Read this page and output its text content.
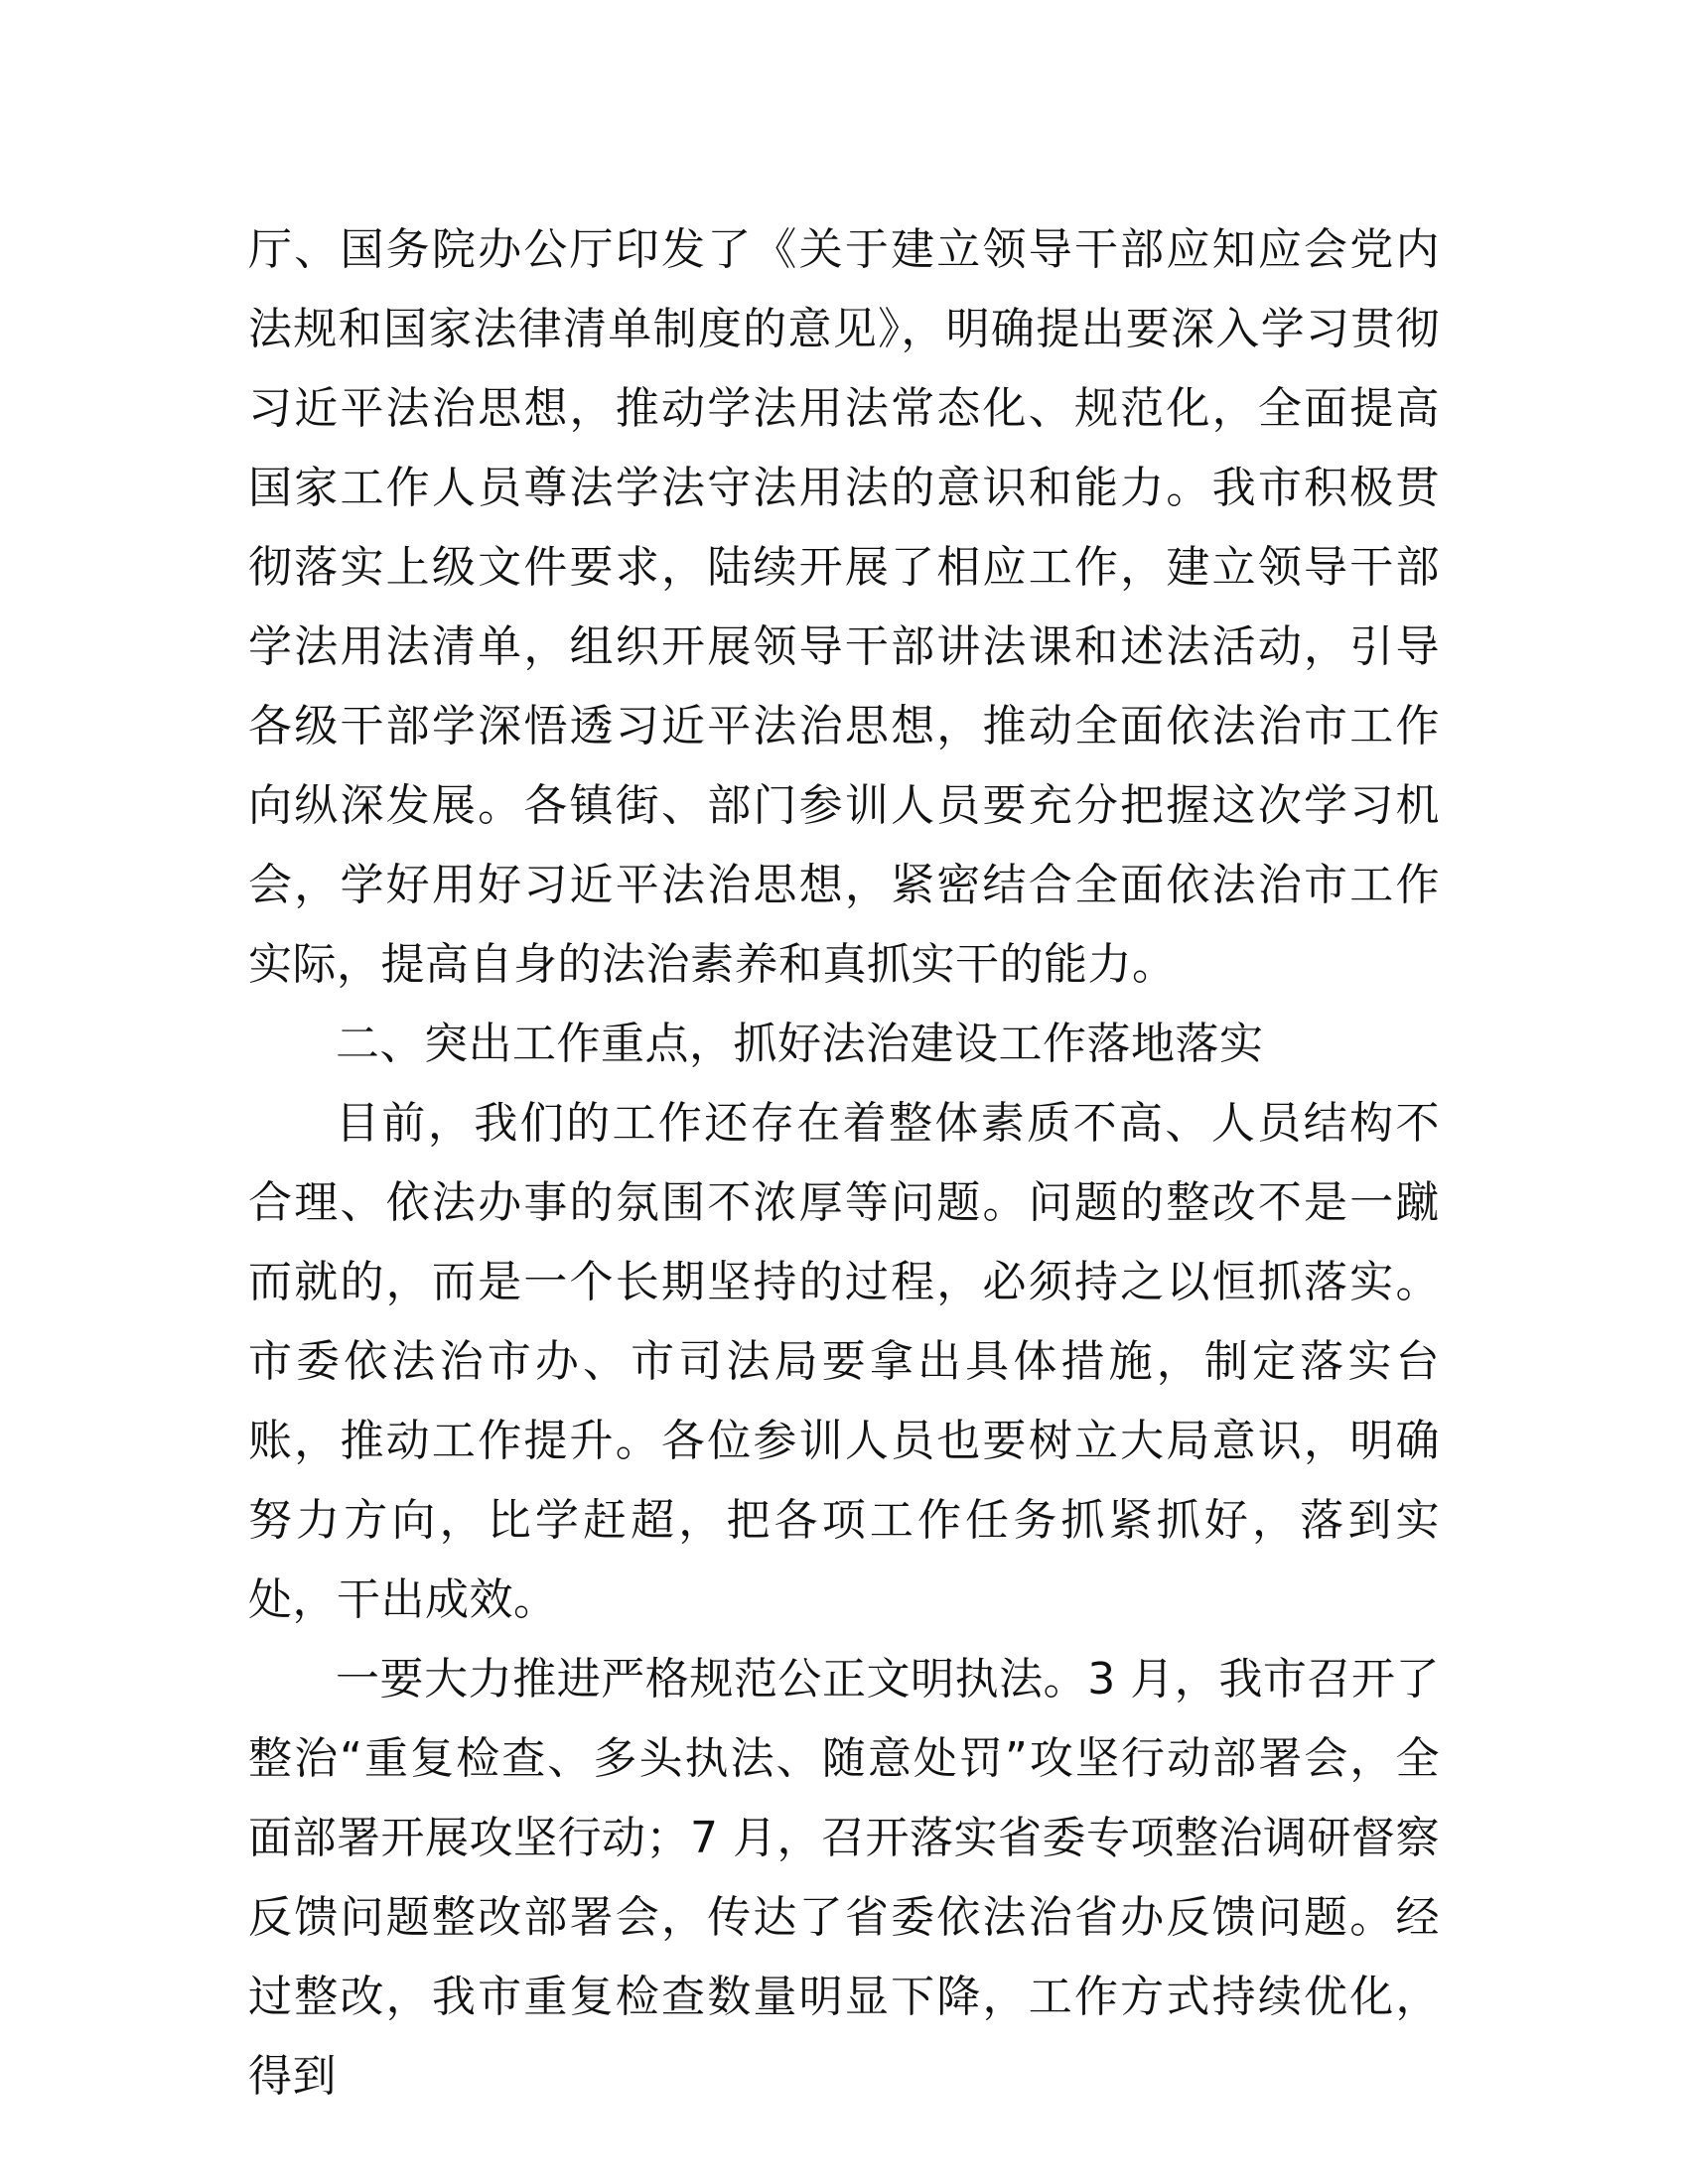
厅、国务院办公厅印发了《关于建立领导干部应知应会党内法规和国家法律清单制度的意见》，明确提出要深入学习贯彻习近平法治思想，推动学法用法常态化、规范化，全面提高国家工作人员尊法学法守法用法的意识和能力。我市积极贯彻落实上级文件要求，陆续开展了相应工作，建立领导干部学法用法清单，组织开展领导干部讲法课和述法活动，引导各级干部学深悟透习近平法治思想，推动全面依法治市工作向纵深发展。各镇街、部门参训人员要充分把握这次学习机会，学好用好习近平法治思想，紧密结合全面依法治市工作实际，提高自身的法治素养和真抓实干的能力。

二、突出工作重点，抓好法治建设工作落地落实

目前，我们的工作还存在着整体素质不高、人员结构不合理、依法办事的氛围不浓厚等问题。问题的整改不是一蹴而就的，而是一个长期坚持的过程，必须持之以恒抓落实。市委依法治市办、市司法局要拿出具体措施，制定落实台账，推动工作提升。各位参训人员也要树立大局意识，明确努力方向，比学赶超，把各项工作任务抓紧抓好，落到实处，干出成效。

一要大力推进严格规范公正文明执法。3 月，我市召开了整治“重复检查、多头执法、随意处罚”攻坚行动部署会，全面部署开展攻坚行动；7 月，召开落实省委专项整治调研督察反馈问题整改部署会，传达了省委依法治省办反馈问题。经过整改，我市重复检查数量明显下降，工作方式持续优化，得到
